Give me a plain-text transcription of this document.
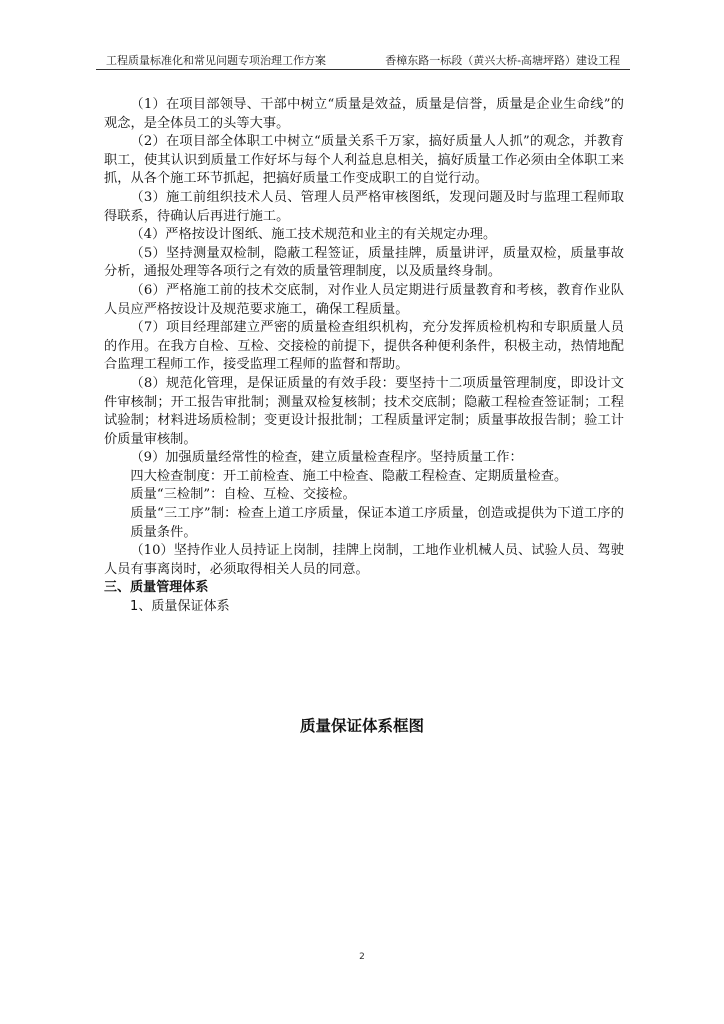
工程质量标准化和常见问题专项治理工作方案	香樟东路一标段（黄兴大桥-高塘坪路）建设工程

（1）在项目部领导、干部中树立“质量是效益，质量是信誉，质量是企业生命线”的观念，是全体员工的头等大事。

（2）在项目部全体职工中树立“质量关系千万家，搞好质量人人抓”的观念，并教育职工，使其认识到质量工作好坏与每个人利益息息相关，搞好质量工作必须由全体职工来抓，从各个施工环节抓起，把搞好质量工作变成职工的自觉行动。

（3）施工前组织技术人员、管理人员严格审核图纸，发现问题及时与监理工程师取得联系，待确认后再进行施工。

（4）严格按设计图纸、施工技术规范和业主的有关规定办理。

（5）坚持测量双检制，隐蔽工程签证，质量挂牌，质量讲评，质量双检，质量事故分析，通报处理等各项行之有效的质量管理制度，以及质量终身制。

（6）严格施工前的技术交底制，对作业人员定期进行质量教育和考核，教育作业队人员应严格按设计及规范要求施工，确保工程质量。

（7）项目经理部建立严密的质量检查组织机构，充分发挥质检机构和专职质量人员的作用。在我方自检、互检、交接检的前提下，提供各种便利条件，积极主动，热情地配合监理工程师工作，接受监理工程师的监督和帮助。

（8）规范化管理，是保证质量的有效手段：要坚持十二项质量管理制度，即设计文件审核制；开工报告审批制；测量双检复核制；技术交底制；隐蔽工程检查签证制；工程试验制；材料进场质检制；变更设计报批制；工程质量评定制；质量事故报告制；验工计价质量审核制。

（9）加强质量经常性的检查，建立质量检查程序。坚持质量工作：

四大检查制度：开工前检查、施工中检查、隐蔽工程检查、定期质量检查。

质量“三检制”：自检、互检、交接检。

质量“三工序”制：检查上道工序质量，保证本道工序质量，创造或提供为下道工序的质量条件。

（10）坚持作业人员持证上岗制，挂牌上岗制，工地作业机械人员、试验人员、驾驶人员有事离岗时，必须取得相关人员的同意。

三、质量管理体系

1、质量保证体系

质量保证体系框图
2
